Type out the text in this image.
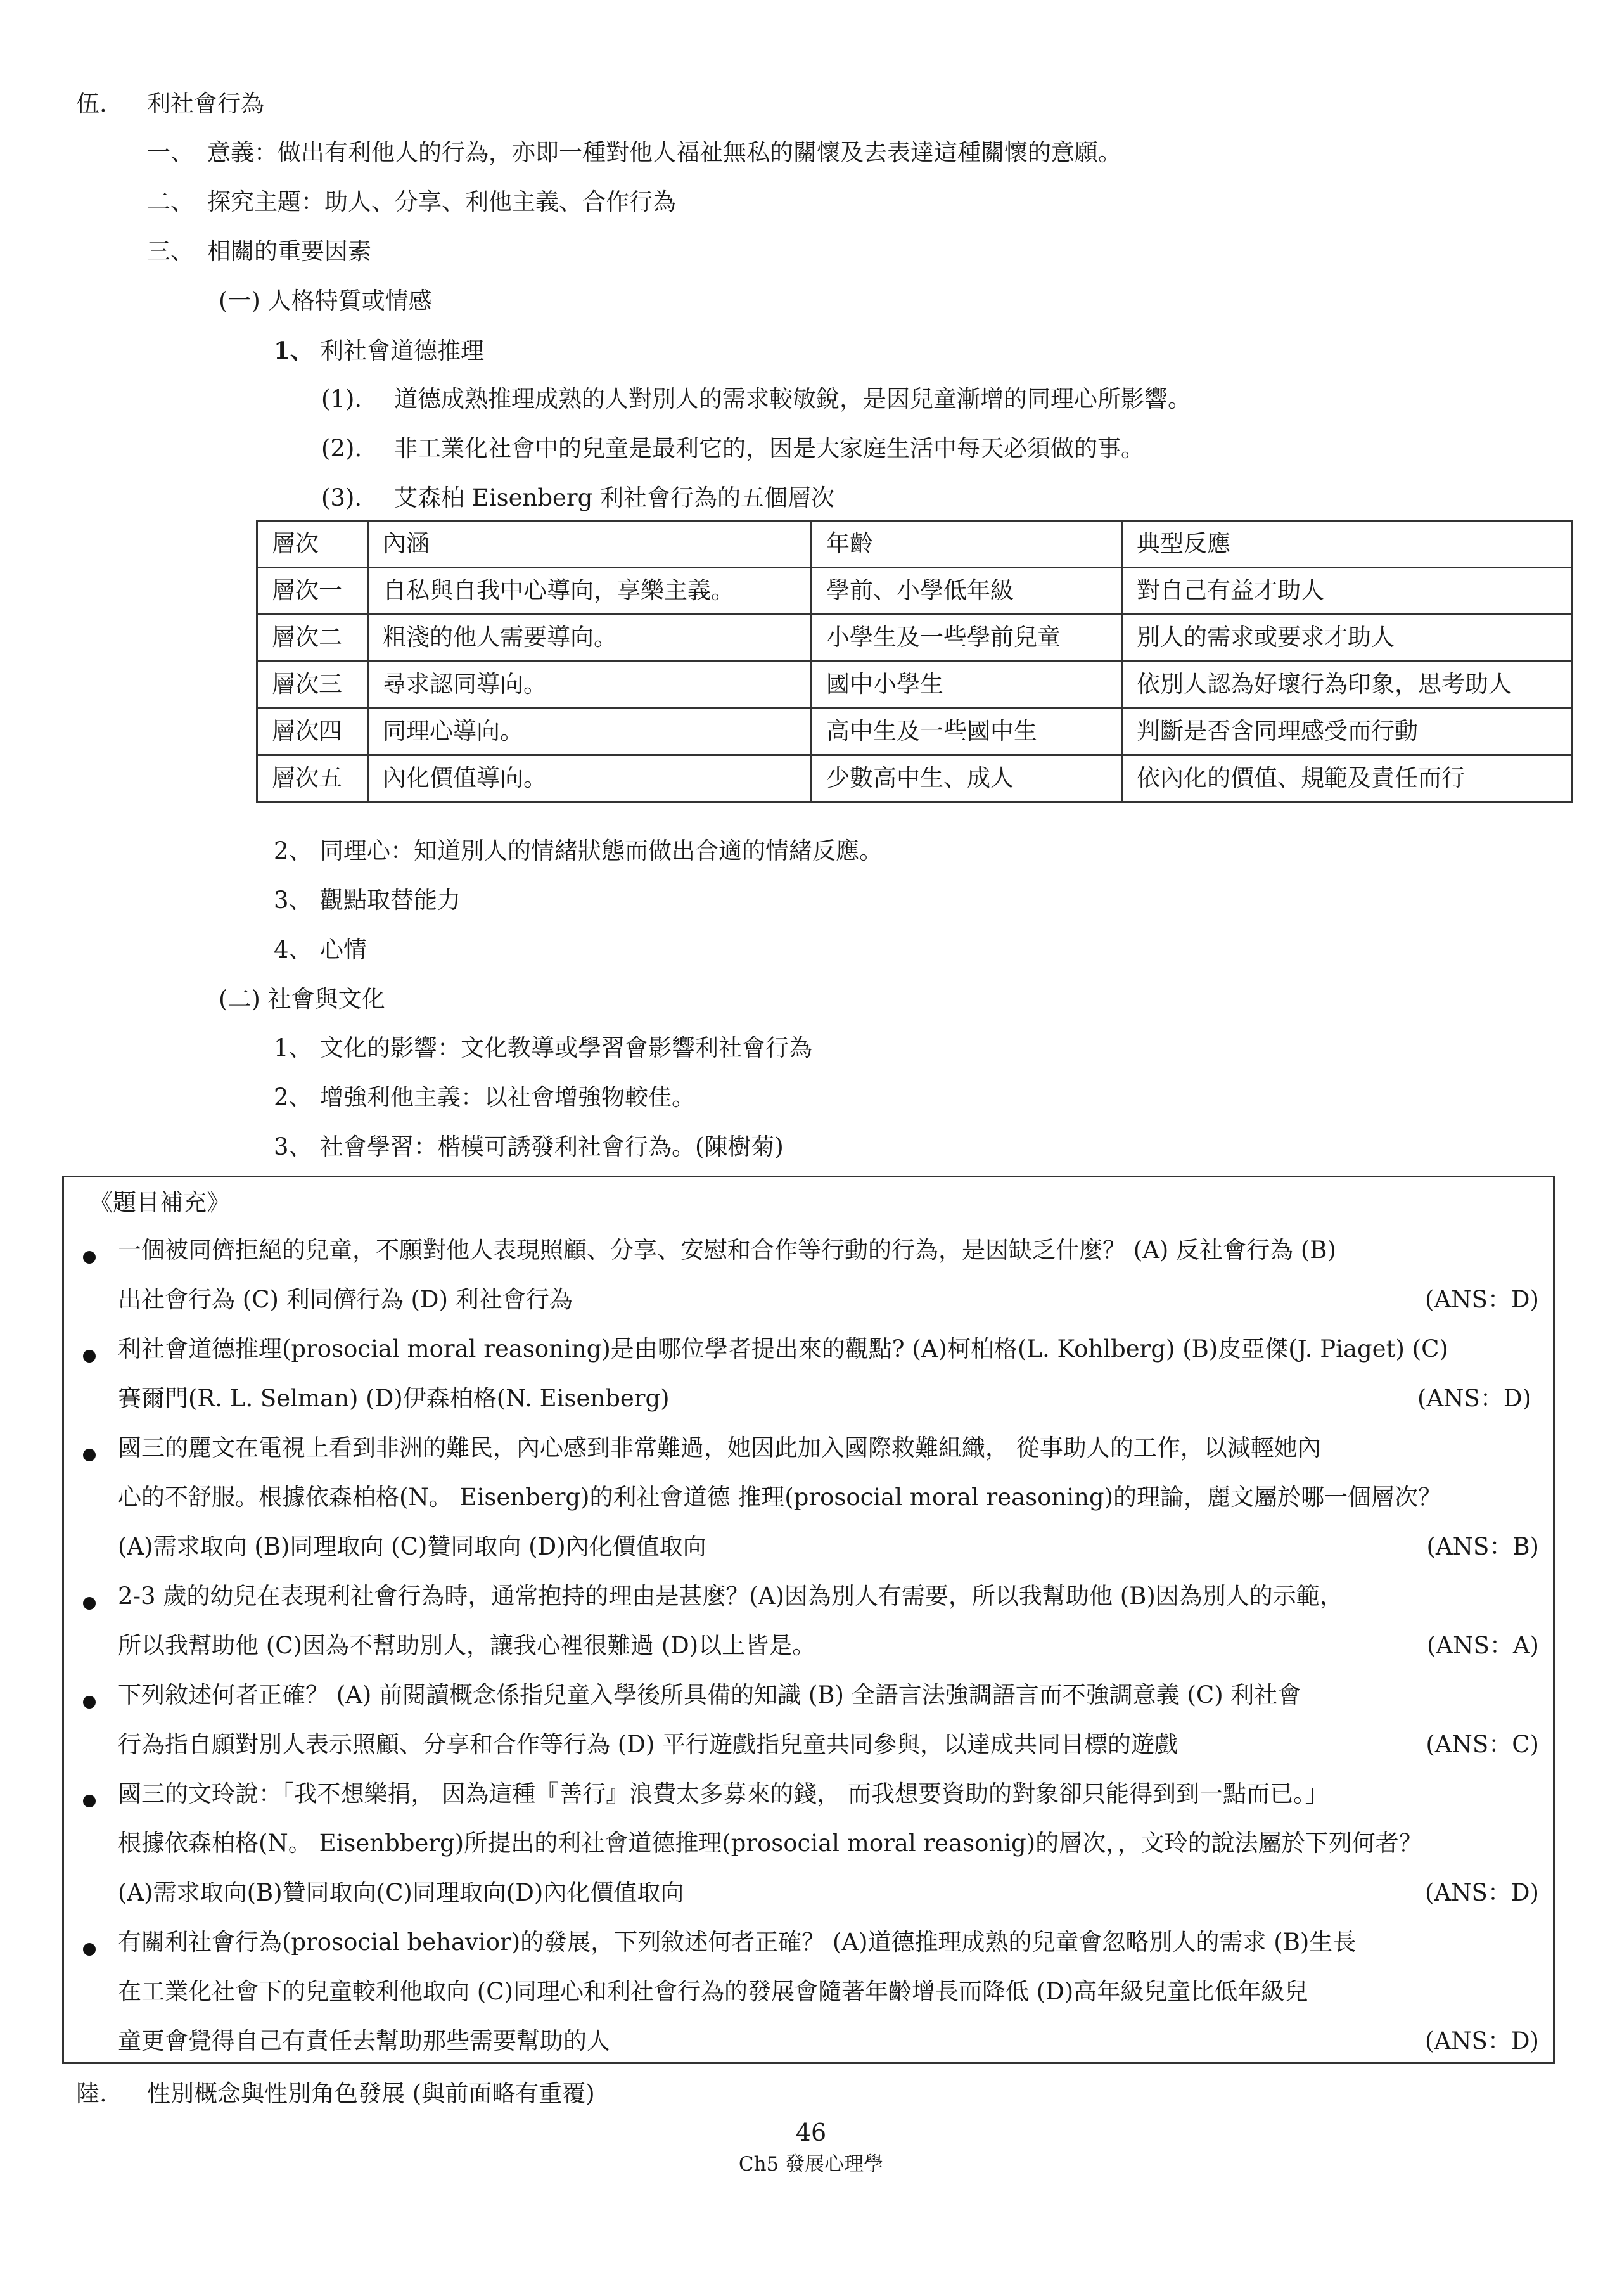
伍. 利社會行為
一、 意義：做出有利他人的行為，亦即一種對他人福祉無私的關懷及去表達這種關懷的意願。
二、 探究主題：助人、分享、利他主義、合作行為
三、 相關的重要因素
(一) 人格特質或情感
1、 利社會道德推理
(1). 道德成熟推理成熟的人對別人的需求較敏銳，是因兒童漸增的同理心所影響。
(2). 非工業化社會中的兒童是最利它的，因是大家庭生活中每天必須做的事。
(3). 艾森柏 Eisenberg 利社會行為的五個層次
層次	內涵	年齡	典型反應
層次一	自私與自我中心導向，享樂主義。	學前、小學低年級	對自己有益才助人
層次二	粗淺的他人需要導向。	小學生及一些學前兒童	別人的需求或要求才助人
層次三	尋求認同導向。	國中小學生	依別人認為好壞行為印象，思考助人
層次四	同理心導向。	高中生及一些國中生	判斷是否含同理感受而行動
層次五	內化價值導向。	少數高中生、成人	依內化的價值、規範及責任而行
2、 同理心：知道別人的情緒狀態而做出合適的情緒反應。
3、 觀點取替能力
4、 心情
(二) 社會與文化
1、 文化的影響：文化教導或學習會影響利社會行為
2、 增強利他主義：以社會增強物較佳。
3、 社會學習：楷模可誘發利社會行為。(陳樹菊)
《題目補充》
一個被同儕拒絕的兒童，不願對他人表現照顧、分享、安慰和合作等行動的行為，是因缺乏什麼？ (A) 反社會行為 (B)
出社會行為 (C) 利同儕行為 (D) 利社會行為	(ANS：D)
利社會道德推理(prosocial moral reasoning)是由哪位學者提出來的觀點? (A)柯柏格(L. Kohlberg) (B)皮亞傑(J. Piaget) (C)
賽爾門(R. L. Selman) (D)伊森柏格(N. Eisenberg)	(ANS：D)
國三的麗文在電視上看到非洲的難民，內心感到非常難過，她因此加入國際救難組織， 從事助人的工作，以減輕她內
心的不舒服。根據依森柏格(N。 Eisenberg)的利社會道德 推理(prosocial moral reasoning)的理論，麗文屬於哪一個層次？
(A)需求取向 (B)同理取向 (C)贊同取向 (D)內化價值取向	(ANS：B)
2-3 歲的幼兒在表現利社會行為時，通常抱持的理由是甚麼？(A)因為別人有需要，所以我幫助他 (B)因為別人的示範，
所以我幫助他 (C)因為不幫助別人，讓我心裡很難過 (D)以上皆是。	(ANS：A)
下列敘述何者正確？ (A) 前閱讀概念係指兒童入學後所具備的知識 (B) 全語言法強調語言而不強調意義 (C) 利社會
行為指自願對別人表示照顧、分享和合作等行為 (D) 平行遊戲指兒童共同參與，以達成共同目標的遊戲	(ANS：C)
國三的文玲說：「我不想樂捐， 因為這種『善行』浪費太多募來的錢， 而我想要資助的對象卻只能得到到一點而已。」
根據依森柏格(N。 Eisenbberg)所提出的利社會道德推理(prosocial moral reasonig)的層次，，文玲的說法屬於下列何者？
(A)需求取向(B)贊同取向(C)同理取向(D)內化價值取向	(ANS：D)
有關利社會行為(prosocial behavior)的發展，下列敘述何者正確？ (A)道德推理成熟的兒童會忽略別人的需求 (B)生長
在工業化社會下的兒童較利他取向 (C)同理心和利社會行為的發展會隨著年齡增長而降低 (D)高年級兒童比低年級兒
童更會覺得自己有責任去幫助那些需要幫助的人	(ANS：D)
陸. 性別概念與性別角色發展 (與前面略有重覆)
46
Ch5 發展心理學
